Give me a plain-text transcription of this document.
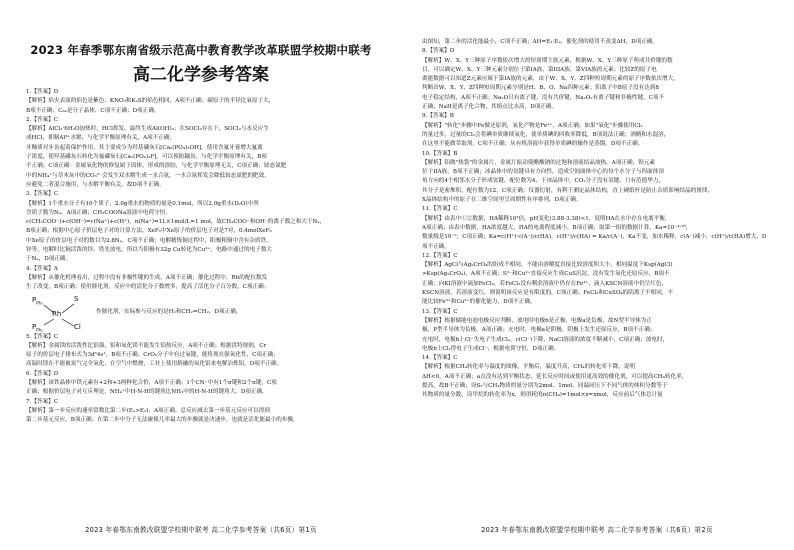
2023 年春季鄂东南省级示范高中教育教学改革联盟学校期中联考
高二化学参考答案
1.【答案】D
【解析】焰火表演的焰色是紫色，KNO₃和K₂S的焰色相同，A项不正确；碳原子的半径比氧原子大，
B项不正确；C₆₀是分子晶体，C项不正确；D项正确。
2.【答案】C
【解析】AlCl₃·6H₂O加热时，HCl挥发，最终生成Al(OH)₃；在SOCl₂存在下，SOCl₂与水反应生
成HCl，抑制Al³⁺水解，与化学平衡原理有关，A项不正确；
牙釉质对牙齿起着保护作用，其主要成分为羟基磷灰石[Ca₅(PO₄)₃OH]，使用含氟牙膏增大氟离
子浓度，使羟基磷灰石转化为氟磷灰石[Ca₅(PO₄)₃F]，可以预防龋齿，与化学平衡原理有关，B项
不正确；C项正确：金属氧化物的修复属于固体，形成的溶胶，与化学平衡原理无关，C项正确；铵态氮肥
中的NH₄⁺与草木灰中的CO₃²⁻会发生双水解生成一水合氨，一水合氨挥发会降低铵态氮肥的肥效，
应避免二者混合施用，与水解平衡有关，故D项不正确。
3.【答案】C
【解析】1个重水分子有10个质子，2.0g重水的物质的量是0.1mol，所以2.0g重水(D₂O)中所
含质子数为Nₐ，A项正确；CH₃COONa溶液中电荷守恒，
c(CH₃COO⁻)+c(OH⁻)=c(Na⁺)+c(H⁺)，n(Na⁺)=1L×1mol/L=1 mol，故CH₃COO⁻和OH⁻的离子数之和大于Nₐ，
B项正确；根据中心原子价层电子对的计算方法，XeF₆中Xe原子的价层电子对是7对，0.4molXeF₆
中Xe原子的价层电子对的数目为2.8Nₐ，C项不正确；电解精炼铜过程中，阳极粗铜中含有杂质铁、
锌等，电解时比铜活泼的锌、铁先放电，所以当阳极有32g Cu转化为Cu²⁺，电路中通过的电子数大
于Nₐ，D项正确。
4.【答案】A
【解析】从催化机理看出，过程中没有非极性键的生成，A项不正确；催化过程中，Rh的配位数发
生了改变，B项正确；使用催化剂，反应中的活化分子数增多，提高了活化分子百分数，C项正确；
$P_{Ph_3}$	S
Rh
$P_{Ph_3}$	Cl
作催化剂，实际参与反应的是H₂和CH₂=CH₂，D项正确。
5.【答案】C
【解析】金属镁的活泼性比铝强，铝和氧化镁不能发生铝热反应，A项不正确；根据洪特规则，Cr
原子的价层电子排布式为3d⁵4s¹，B项不正确；CrO₃分子中有过氧键，能将现在强氧化性，C项正确；
高温时镁在不能被氮气完全氧化，在空气中燃烧，工业上使用熔融的氧化铝来电解冶炼铝，D项不正确。
6.【答案】D
【解析】该铁晶体中铁元素有+2和+3两种化合价，A项不正确；1个CN⁻中有1个σ键和2个π键，C项
正确；根据价层电子对互斥理论，NH₄⁺中H-N-H的键角比NH₃中的H-N-H的键角大，D项正确。
7.【答案】C
【解析】第一步反应的速率常数比第二步(E₁>E₂)，A项正确。总反应减去第一步基元反应可以得到
第二步基元反应，B项正确；在第二步中分子无法碰撞几率最大的步骤就是决速步，也就是活化能最小的步骤，
2023 年春鄂东南教改联盟学校期中联考 高二化学参考答案（共6页）第1页
由图知，第二步的活化能最小，C项不正确；ΔH=E₁-E₂，催化剂的使用不改变ΔH，D项正确。
8.【答案】D
【解析】W、X、Y三种原子序数依次增大的短周期主族元素，根据W、X、Y三种原子所成共价键的数
目，可以确定W、X、Y三种元素分别位于第IA族、第IIIA族、第VIA族的元素；比较Z的原子电
离能数据可以知道Z元素应属于第IA族的元素，由于W、X、Y、Z四种短周期元素的原子序数依次增大，
判断出W、X、Y、Z四种短周期元素分别是H、B、O、Na四种元素；阳离子中B原子没有达到8
电子稳定结构，A项不正确；Na₂O只有离子键，没有共价键，Na₂O₂有离子键和非极性键，C项不
正确；NaH是离子化合物，其熔点比水高，D项正确。
9.【答案】B
【解析】"转化"步骤中Fe做还原剂，氧化产物是Fe²⁺，A项正确；如果"氧化"步骤使用Cl₂
的量过多，过量的Cl₂会将碘单质继续氧化，使单质碘的回收率降低，B项说法正确；酒精和水混溶，
在这里不能做萃取剂，C项不正确；从有机溶液中获得单质碘的操作是蒸馏，D项不正确。
10.【答案】B
【解析】铝做"热袋"的金属片，金属片振动使醋酸钠的过饱和溶液结晶放热，A项正确；钡元素
位于IIA族，B项不正确；冰晶体中的氢键具有方向性，造成空间面体中心的每个水分子与四面体顶
角方向的4个相邻水分子形成氢键，配位数为4，干冰晶体中，CO₂分子没有氢键，只有范德华力，
其分子是密堆积，配位数为12，C项正确；仪器衍射，有利于测定晶体结构，直上硬纸杆是防止杂质影响结晶的规律，
X晶体结构中的原子在三维空间里呈周期性有序排列，D项正确。
11.【答案】C
【解析】由表中①②数据，HA稀释10²倍，pH变化(3.88-3.38)<1，说明HA在水中存在电离平衡，
A项正确；由表中数据，HA浓度越大，HA的电离程度减小，B项正确；取第一组的数据计算，Ka=10⁻⁴·⁷⁶，
数量级是10⁻⁵，C项正确；Ka=c(H⁺)·c(A⁻)/c(HA)，c(H⁺)/c(HA) = Ka/c(A⁻)，Ka不变，加水稀释，c(A⁻)减小，c(H⁺)/c(HA)增大，D
项不正确。
12.【答案】C
【解析】AgCl与Ag₂CrO₄的组成不相同，不能由溶解度直接比较溶度积大小，相同温度下Ksp(AgCl)
>Ksp(Ag₂CrO₄)，A项不正确；S²⁻和Cu²⁺直接反应生成CuS沉淀，没有发生氧化还原反应，B项不
正确；向KI溶液中滴加FeCl₃，若FeCl₃没有剩余溶液中仍存在Fe³⁺，滴入KSCN溶液中仍呈红色，
KSCN溶液，若溶液变红，则说明该反应是有限度的，C项正确；FeCl₃和CuSO₄的阴离子不相同，不
能比较Fe³⁺和Cu²⁺的催化能力，D项不正确。
13.【答案】C
【解析】根据储能电池电极反应判断，放电时电极b是正极，电极a是负极，故N型半导体为正
极，P型半导体为负极，A项正确；充电时，电极a是阴极，阴极上发生还原反应，B项不正确；
充电时，电极b上Cl⁻失电子生成Cl₂，c(Cl⁻)下降，NaCl溶液的浓度不断减小，C项正确；放电时，
电极b上Cl₂得电子生成Cl⁻，根据电荷守恒，D项正确。
14.【答案】C
【解析】根据CH₄转化率与温度的图像，平衡后，温度升高，CH₄的转化率下降，说明
ΔH<0，A项不正确；a点没有达到平衡状态，延长反应时间或使用更高效的催化剂，可以提高CH₄转化率，
提高，故B不正确；设S₂与CH₄物质的量分别为2mol、1mol，同温同压下不同气体的体积分数等于
其物质的量分数，设甲烷的转化率为x，则消耗的n(CH₄)=1mol×x=xmol，反应前后气体总计量
2023 年春鄂东南教改联盟学校期中联考 高二化学参考答案（共6页）第2页
